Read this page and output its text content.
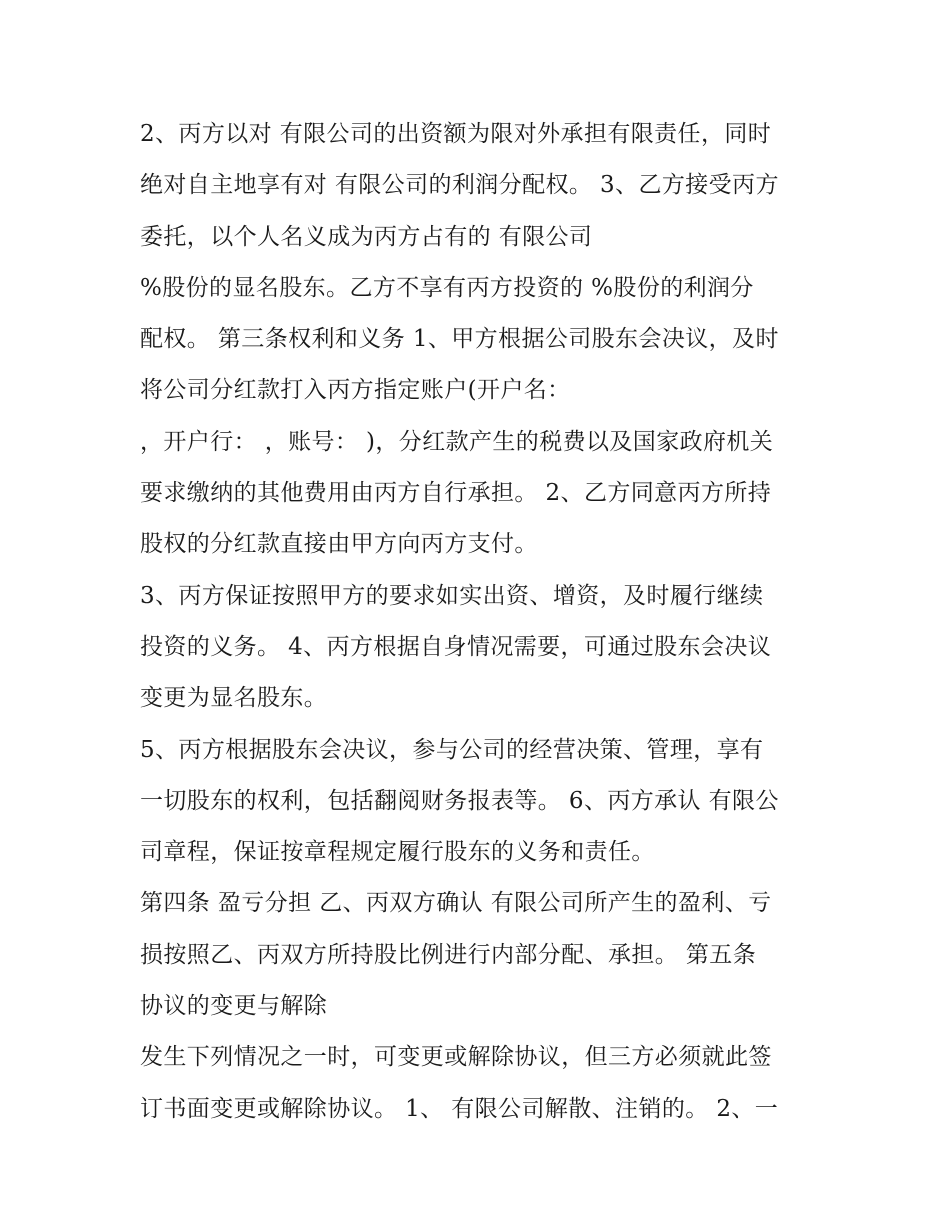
2、丙方以对 有限公司的出资额为限对外承担有限责任，同时
绝对自主地享有对 有限公司的利润分配权。 3、乙方接受丙方
委托，以个人名义成为丙方占有的 有限公司
%股份的显名股东。乙方不享有丙方投资的 %股份的利润分
配权。 第三条权利和义务 1、甲方根据公司股东会决议，及时
将公司分红款打入丙方指定账户(开户名：
，开户行： ，账号： )，分红款产生的税费以及国家政府机关
要求缴纳的其他费用由丙方自行承担。 2、乙方同意丙方所持
股权的分红款直接由甲方向丙方支付。
3、丙方保证按照甲方的要求如实出资、增资，及时履行继续
投资的义务。 4、丙方根据自身情况需要，可通过股东会决议
变更为显名股东。
5、丙方根据股东会决议，参与公司的经营决策、管理，享有
一切股东的权利，包括翻阅财务报表等。 6、丙方承认 有限公
司章程，保证按章程规定履行股东的义务和责任。
第四条 盈亏分担 乙、丙双方确认 有限公司所产生的盈利、亏
损按照乙、丙双方所持股比例进行内部分配、承担。 第五条
协议的变更与解除
发生下列情况之一时，可变更或解除协议，但三方必须就此签
订书面变更或解除协议。 1、 有限公司解散、注销的。 2、一
